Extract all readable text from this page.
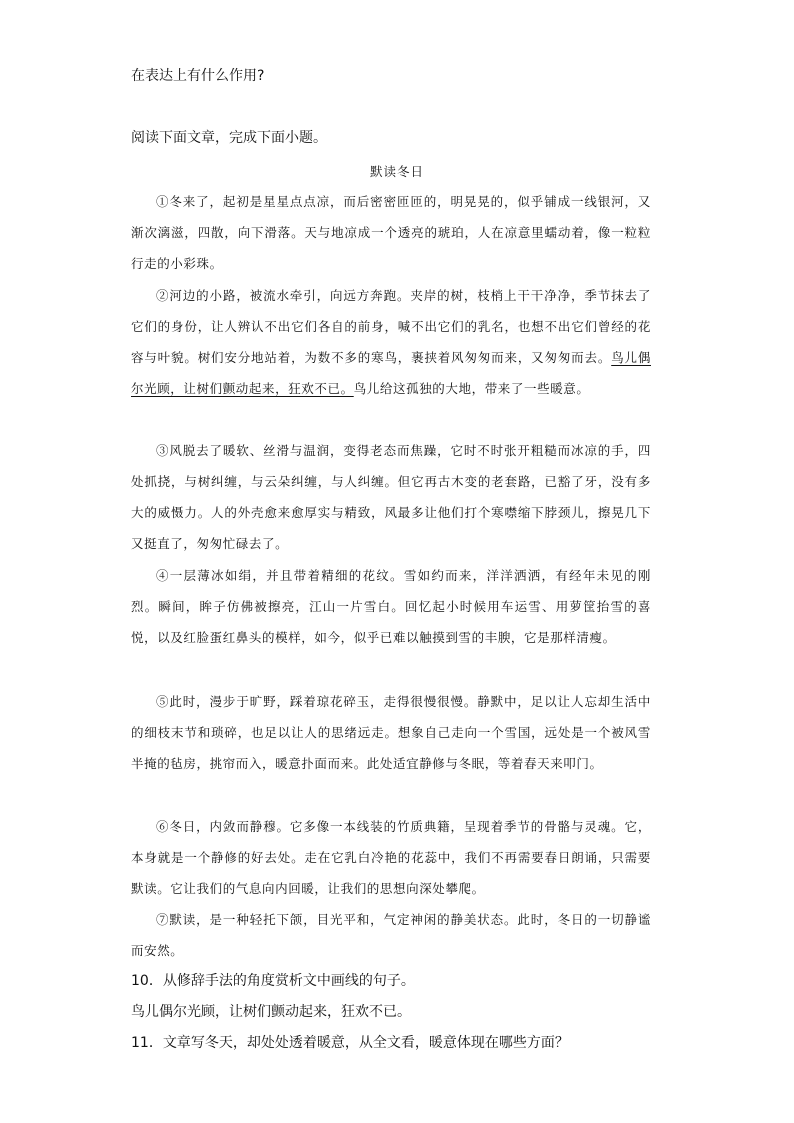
在表达上有什么作用?
阅读下面文章，完成下面小题。
默读冬日

①冬来了，起初是星星点点凉，而后密密匝匝的，明晃晃的，似乎铺成一线银河，又渐次漓滋，四散，向下滑落。天与地凉成一个透亮的琥珀，人在凉意里蠕动着，像一粒粒行走的小彩珠。

②河边的小路，被流水牵引，向远方奔跑。夹岸的树，枝梢上干干净净，季节抹去了它们的身份，让人辨认不出它们各自的前身，喊不出它们的乳名，也想不出它们曾经的花容与叶貌。树们安分地站着，为数不多的寒鸟，裹挟着风匆匆而来，又匆匆而去。鸟儿偶尔光顾，让树们颤动起来，狂欢不已。鸟儿给这孤独的大地，带来了一些暖意。

③风脱去了暖软、丝滑与温润，变得老态而焦躁，它时不时张开粗糙而冰凉的手，四处抓挠，与树纠缠，与云朵纠缠，与人纠缠。但它再古木变的老套路，已豁了牙，没有多大的威慑力。人的外壳愈来愈厚实与精致，风最多让他们打个寒噤缩下脖颈儿，擦晃几下又挺直了，匆匆忙碌去了。

④一层薄冰如绢，并且带着精细的花纹。雪如约而来，洋洋洒洒，有经年未见的刚烈。瞬间，眸子仿佛被擦亮，江山一片雪白。回忆起小时候用车运雪、用萝筐抬雪的喜悦，以及红脸蛋红鼻头的模样，如今，似乎已难以触摸到雪的丰腴，它是那样清瘦。

⑤此时，漫步于旷野，踩着琼花碎玉，走得很慢很慢。静默中，足以让人忘却生活中的细枝末节和琐碎，也足以让人的思绪远走。想象自己走向一个雪国，远处是一个被风雪半掩的毡房，挑帘而入，暖意扑面而来。此处适宜静修与冬眠，等着春天来叩门。

⑥冬日，内敛而静穆。它多像一本线装的竹质典籍，呈现着季节的骨骼与灵魂。它，本身就是一个静修的好去处。走在它乳白冷艳的花蕊中，我们不再需要春日朗诵，只需要默读。它让我们的气息向内回暖，让我们的思想向深处攀爬。

⑦默读，是一种轻托下颌，目光平和，气定神闲的静美状态。此时，冬日的一切静谧而安然。

10．从修辞手法的角度赏析文中画线的句子。
鸟儿偶尔光顾，让树们颤动起来，狂欢不已。
11．文章写冬天，却处处透着暖意，从全文看，暖意体现在哪些方面？
